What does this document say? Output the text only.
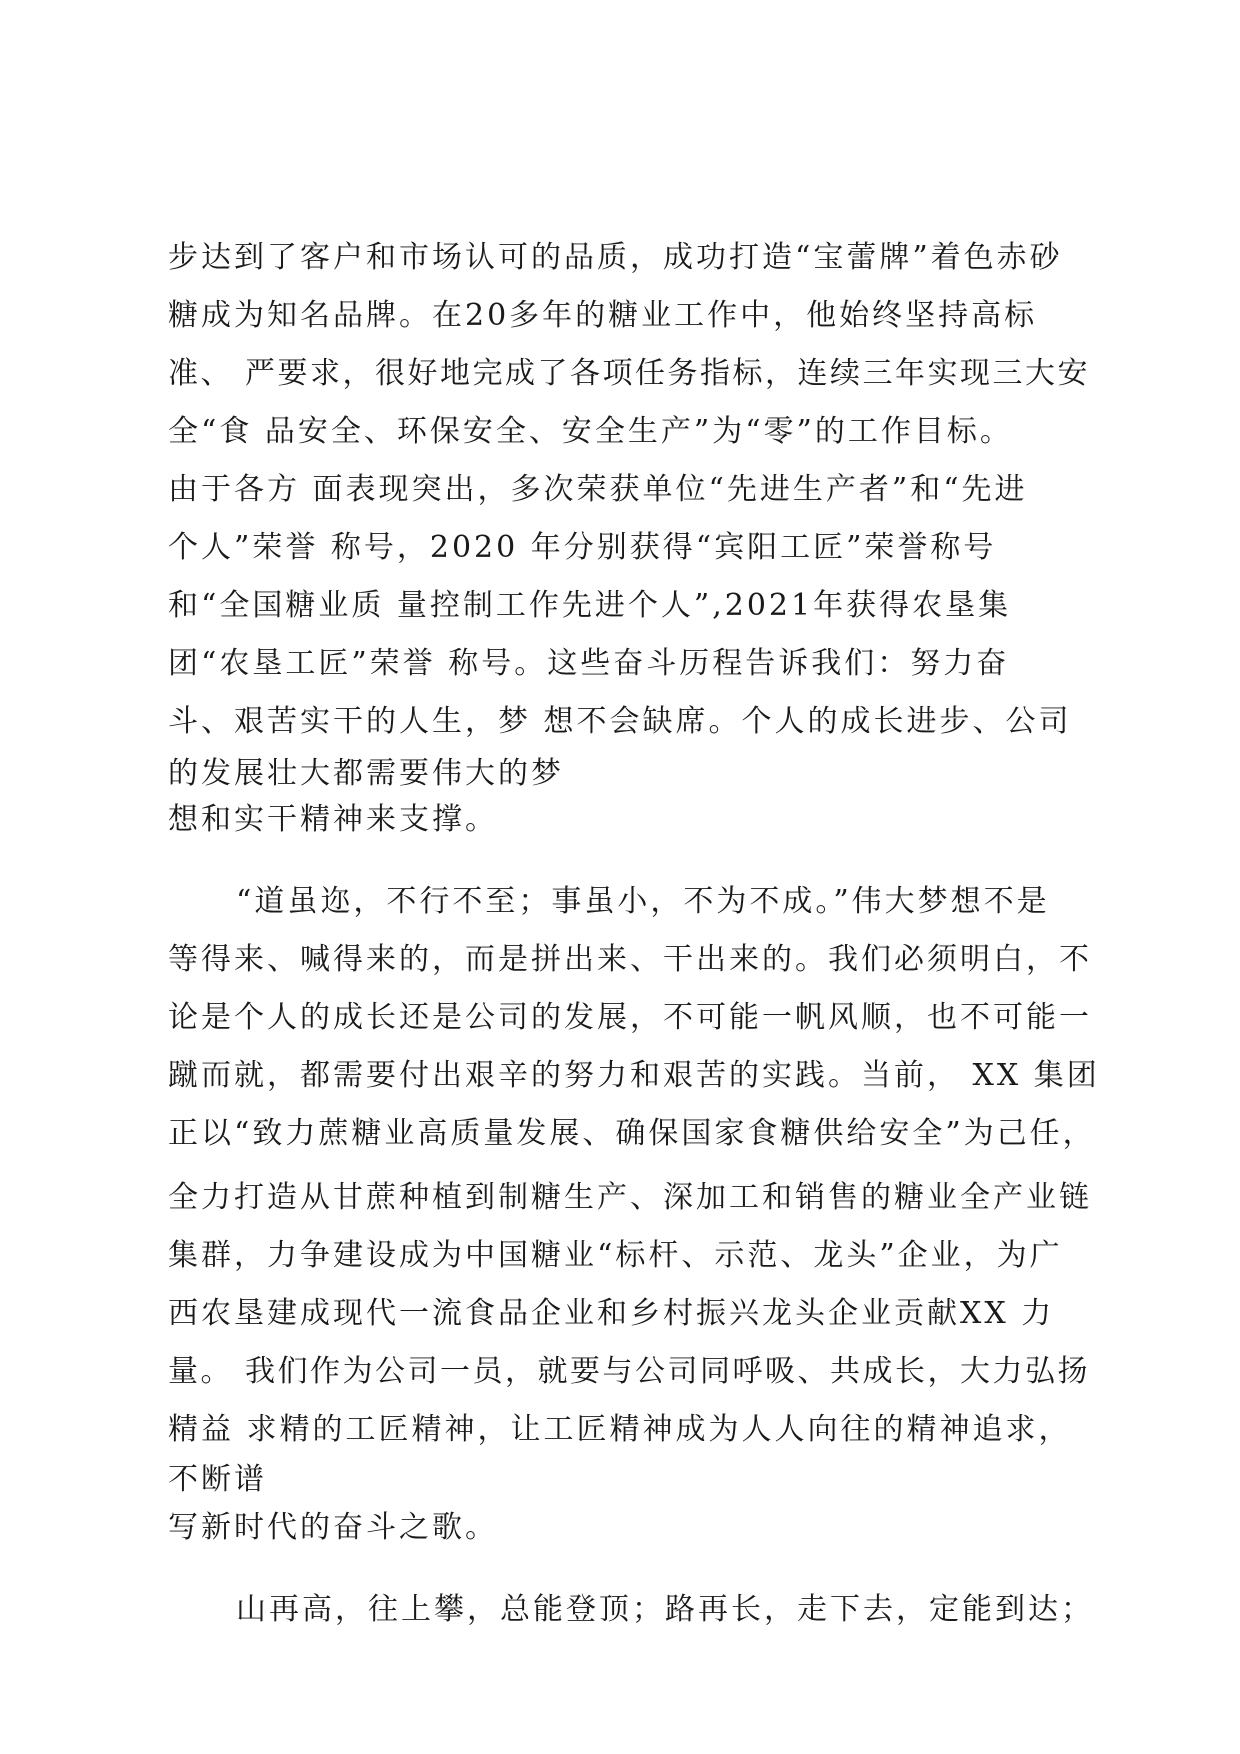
步达到了客户和市场认可的品质，成功打造“宝蕾牌”着色赤砂
糖成为知名品牌。在20多年的糖业工作中，他始终坚持高标
准、 严要求，很好地完成了各项任务指标，连续三年实现三大安
全“食 品安全、环保安全、安全生产”为“零”的工作目标。
由于各方 面表现突出，多次荣获单位“先进生产者”和“先进
个人”荣誉 称号，2020 年分别获得“宾阳工匠”荣誉称号
和“全国糖业质 量控制工作先进个人”,2021年获得农垦集
团“农垦工匠”荣誉 称号。这些奋斗历程告诉我们：努力奋
斗、艰苦实干的人生，梦 想不会缺席。个人的成长进步、公司
的发展壮大都需要伟大的梦
想和实干精神来支撑。
“道虽迩，不行不至；事虽小，不为不成。”伟大梦想不是
等得来、喊得来的，而是拼出来、干出来的。我们必须明白，不
论是个人的成长还是公司的发展，不可能一帆风顺，也不可能一
蹴而就，都需要付出艰辛的努力和艰苦的实践。当前， XX 集团
正以“致力蔗糖业高质量发展、确保国家食糖供给安全”为己任，
全力打造从甘蔗种植到制糖生产、深加工和销售的糖业全产业链
集群，力争建设成为中国糖业“标杆、示范、龙头”企业，为广
西农垦建成现代一流食品企业和乡村振兴龙头企业贡献XX 力
量。 我们作为公司一员，就要与公司同呼吸、共成长，大力弘扬
精益 求精的工匠精神，让工匠精神成为人人向往的精神追求，
不断谱
写新时代的奋斗之歌。
山再高，往上攀，总能登顶；路再长，走下去，定能到达；
